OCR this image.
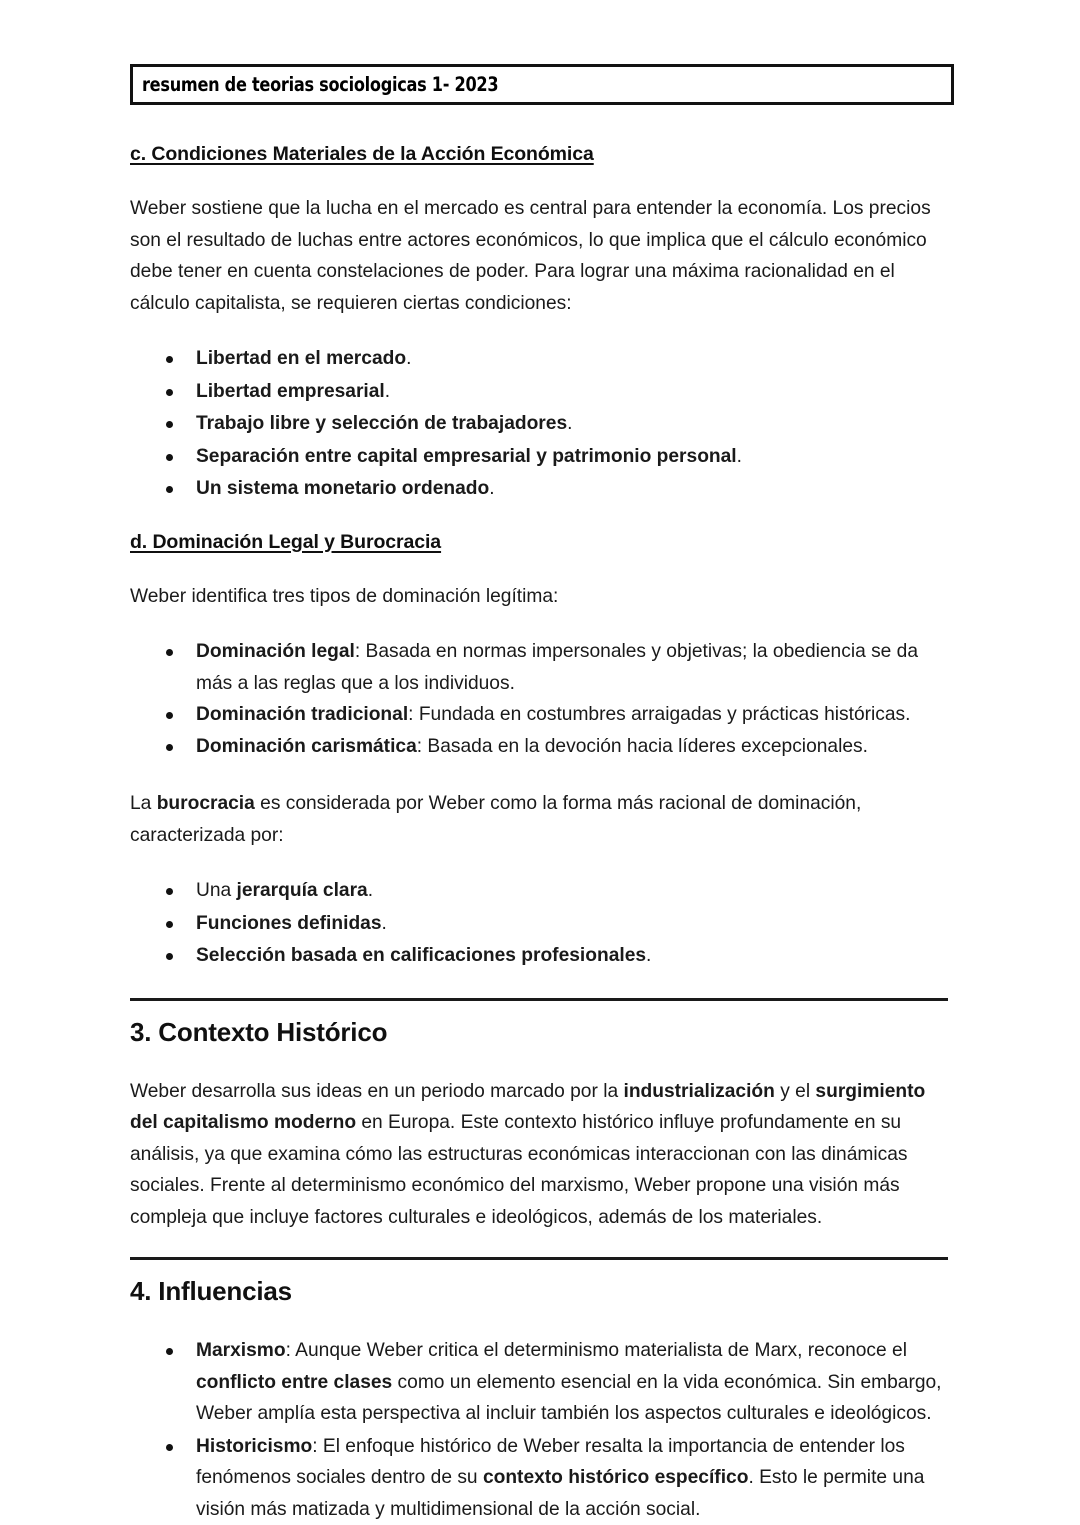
resumen de teorias sociologicas 1- 2023
c. Condiciones Materiales de la Acción Económica

Weber sostiene que la lucha en el mercado es central para entender la economía. Los precios son el resultado de luchas entre actores económicos, lo que implica que el cálculo económico debe tener en cuenta constelaciones de poder. Para lograr una máxima racionalidad en el cálculo capitalista, se requieren ciertas condiciones:

Libertad en el mercado.
Libertad empresarial.
Trabajo libre y selección de trabajadores.
Separación entre capital empresarial y patrimonio personal.
Un sistema monetario ordenado.
d. Dominación Legal y Burocracia

Weber identifica tres tipos de dominación legítima:

Dominación legal: Basada en normas impersonales y objetivas; la obediencia se da más a las reglas que a los individuos.
Dominación tradicional: Fundada en costumbres arraigadas y prácticas históricas.
Dominación carismática: Basada en la devoción hacia líderes excepcionales.

La burocracia es considerada por Weber como la forma más racional de dominación, caracterizada por:

Una jerarquía clara.
Funciones definidas.
Selección basada en calificaciones profesionales.
3. Contexto Histórico

Weber desarrolla sus ideas en un periodo marcado por la industrialización y el surgimiento del capitalismo moderno en Europa. Este contexto histórico influye profundamente en su análisis, ya que examina cómo las estructuras económicas interaccionan con las dinámicas sociales. Frente al determinismo económico del marxismo, Weber propone una visión más compleja que incluye factores culturales e ideológicos, además de los materiales.

4. Influencias
Marxismo: Aunque Weber critica el determinismo materialista de Marx, reconoce el conflicto entre clases como un elemento esencial en la vida económica. Sin embargo, Weber amplía esta perspectiva al incluir también los aspectos culturales e ideológicos.
Historicismo: El enfoque histórico de Weber resalta la importancia de entender los fenómenos sociales dentro de su contexto histórico específico. Esto le permite una visión más matizada y multidimensional de la acción social.
